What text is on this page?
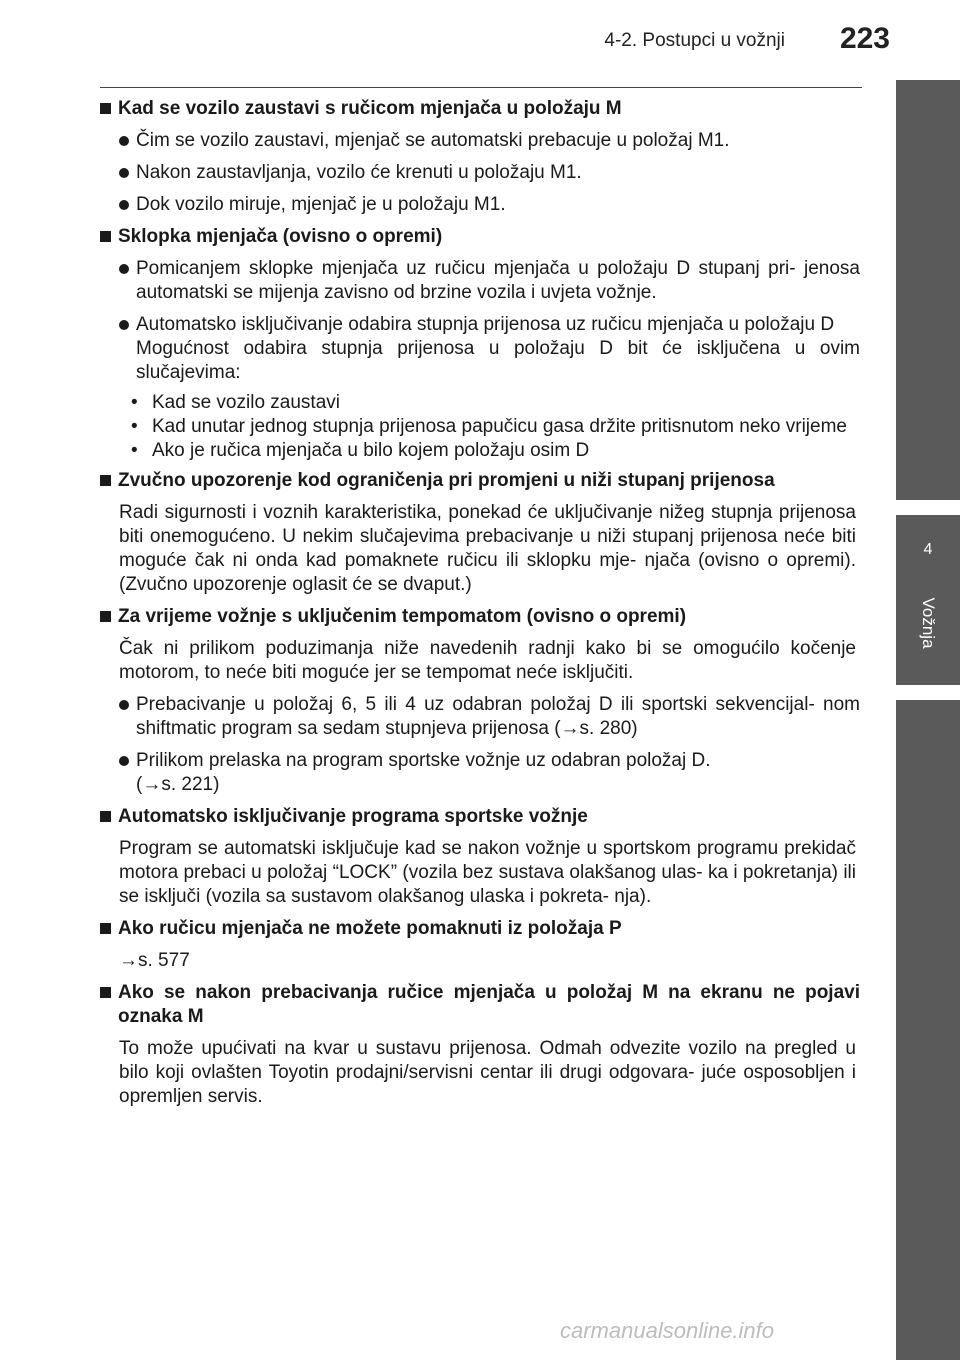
4-2. Postupci u vožnji	223
4
Vožnja
Kad se vozilo zaustavi s ručicom mjenjača u položaju M
Čim se vozilo zaustavi, mjenjač se automatski prebacuje u položaj M1.
Nakon zaustavljanja, vozilo će krenuti u položaju M1.
Dok vozilo miruje, mjenjač je u položaju M1.
Sklopka mjenjača (ovisno o opremi)
Pomicanjem sklopke mjenjača uz ručicu mjenjača u položaju D stupanj pri- jenosa automatski se mijenja zavisno od brzine vozila i uvjeta vožnje.
Automatsko isključivanje odabira stupnja prijenosa uz ručicu mjenjača u položaju D
Mogućnost odabira stupnja prijenosa u položaju D bit će isključena u ovim slučajevima:
• Kad se vozilo zaustavi
• Kad unutar jednog stupnja prijenosa papučicu gasa držite pritisnutom neko vrijeme
• Ako je ručica mjenjača u bilo kojem položaju osim D
Zvučno upozorenje kod ograničenja pri promjeni u niži stupanj prijenosa
Radi sigurnosti i voznih karakteristika, ponekad će uključivanje nižeg stupnja prijenosa biti onemogućeno. U nekim slučajevima prebacivanje u niži stupanj prijenosa neće biti moguće čak ni onda kad pomaknete ručicu ili sklopku mje- njača (ovisno o opremi). (Zvučno upozorenje oglasit će se dvaput.)
Za vrijeme vožnje s uključenim tempomatom (ovisno o opremi)
Čak ni prilikom poduzimanja niže navedenih radnji kako bi se omogućilo kočenje motorom, to neće biti moguće jer se tempomat neće isključiti.
Prebacivanje u položaj 6, 5 ili 4 uz odabran položaj D ili sportski sekvencijal- nom shiftmatic program sa sedam stupnjeva prijenosa (→s. 280)
Prilikom prelaska na program sportske vožnje uz odabran položaj D.
(→s. 221)
Automatsko isključivanje programa sportske vožnje
Program se automatski isključuje kad se nakon vožnje u sportskom programu prekidač motora prebaci u položaj “LOCK” (vozila bez sustava olakšanog ulas- ka i pokretanja) ili se isključi (vozila sa sustavom olakšanog ulaska i pokreta- nja).
Ako ručicu mjenjača ne možete pomaknuti iz položaja P
→s. 577
Ako se nakon prebacivanja ručice mjenjača u položaj M na ekranu ne pojavi oznaka M
To može upućivati na kvar u sustavu prijenosa. Odmah odvezite vozilo na pregled u bilo koji ovlašten Toyotin prodajni/servisni centar ili drugi odgovara- juće osposobljen i opremljen servis.
carmanualsonline.info
